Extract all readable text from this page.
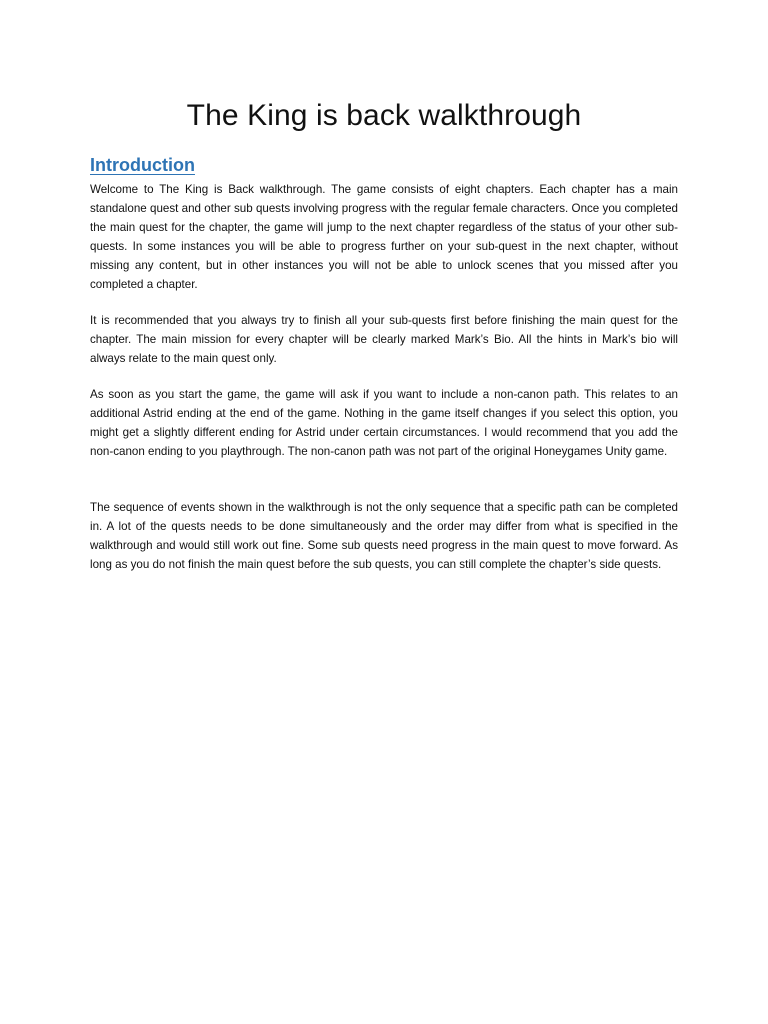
The King is back walkthrough
Introduction

Welcome to The King is Back walkthrough. The game consists of eight chapters. Each chapter has a main standalone quest and other sub quests involving progress with the regular female characters. Once you completed the main quest for the chapter, the game will jump to the next chapter regardless of the status of your other sub-quests. In some instances you will be able to progress further on your sub-quest in the next chapter, without missing any content, but in other instances you will not be able to unlock scenes that you missed after you completed a chapter.

It is recommended that you always try to finish all your sub-quests first before finishing the main quest for the chapter. The main mission for every chapter will be clearly marked Mark’s Bio. All the hints in Mark’s bio will always relate to the main quest only.

As soon as you start the game, the game will ask if you want to include a non-canon path. This relates to an additional Astrid ending at the end of the game. Nothing in the game itself changes if you select this option, you might get a slightly different ending for Astrid under certain circumstances. I would recommend that you add the non-canon ending to you playthrough. The non-canon path was not part of the original Honeygames Unity game.

The sequence of events shown in the walkthrough is not the only sequence that a specific path can be completed in. A lot of the quests needs to be done simultaneously and the order may differ from what is specified in the walkthrough and would still work out fine. Some sub quests need progress in the main quest to move forward. As long as you do not finish the main quest before the sub quests, you can still complete the chapter’s side quests.
